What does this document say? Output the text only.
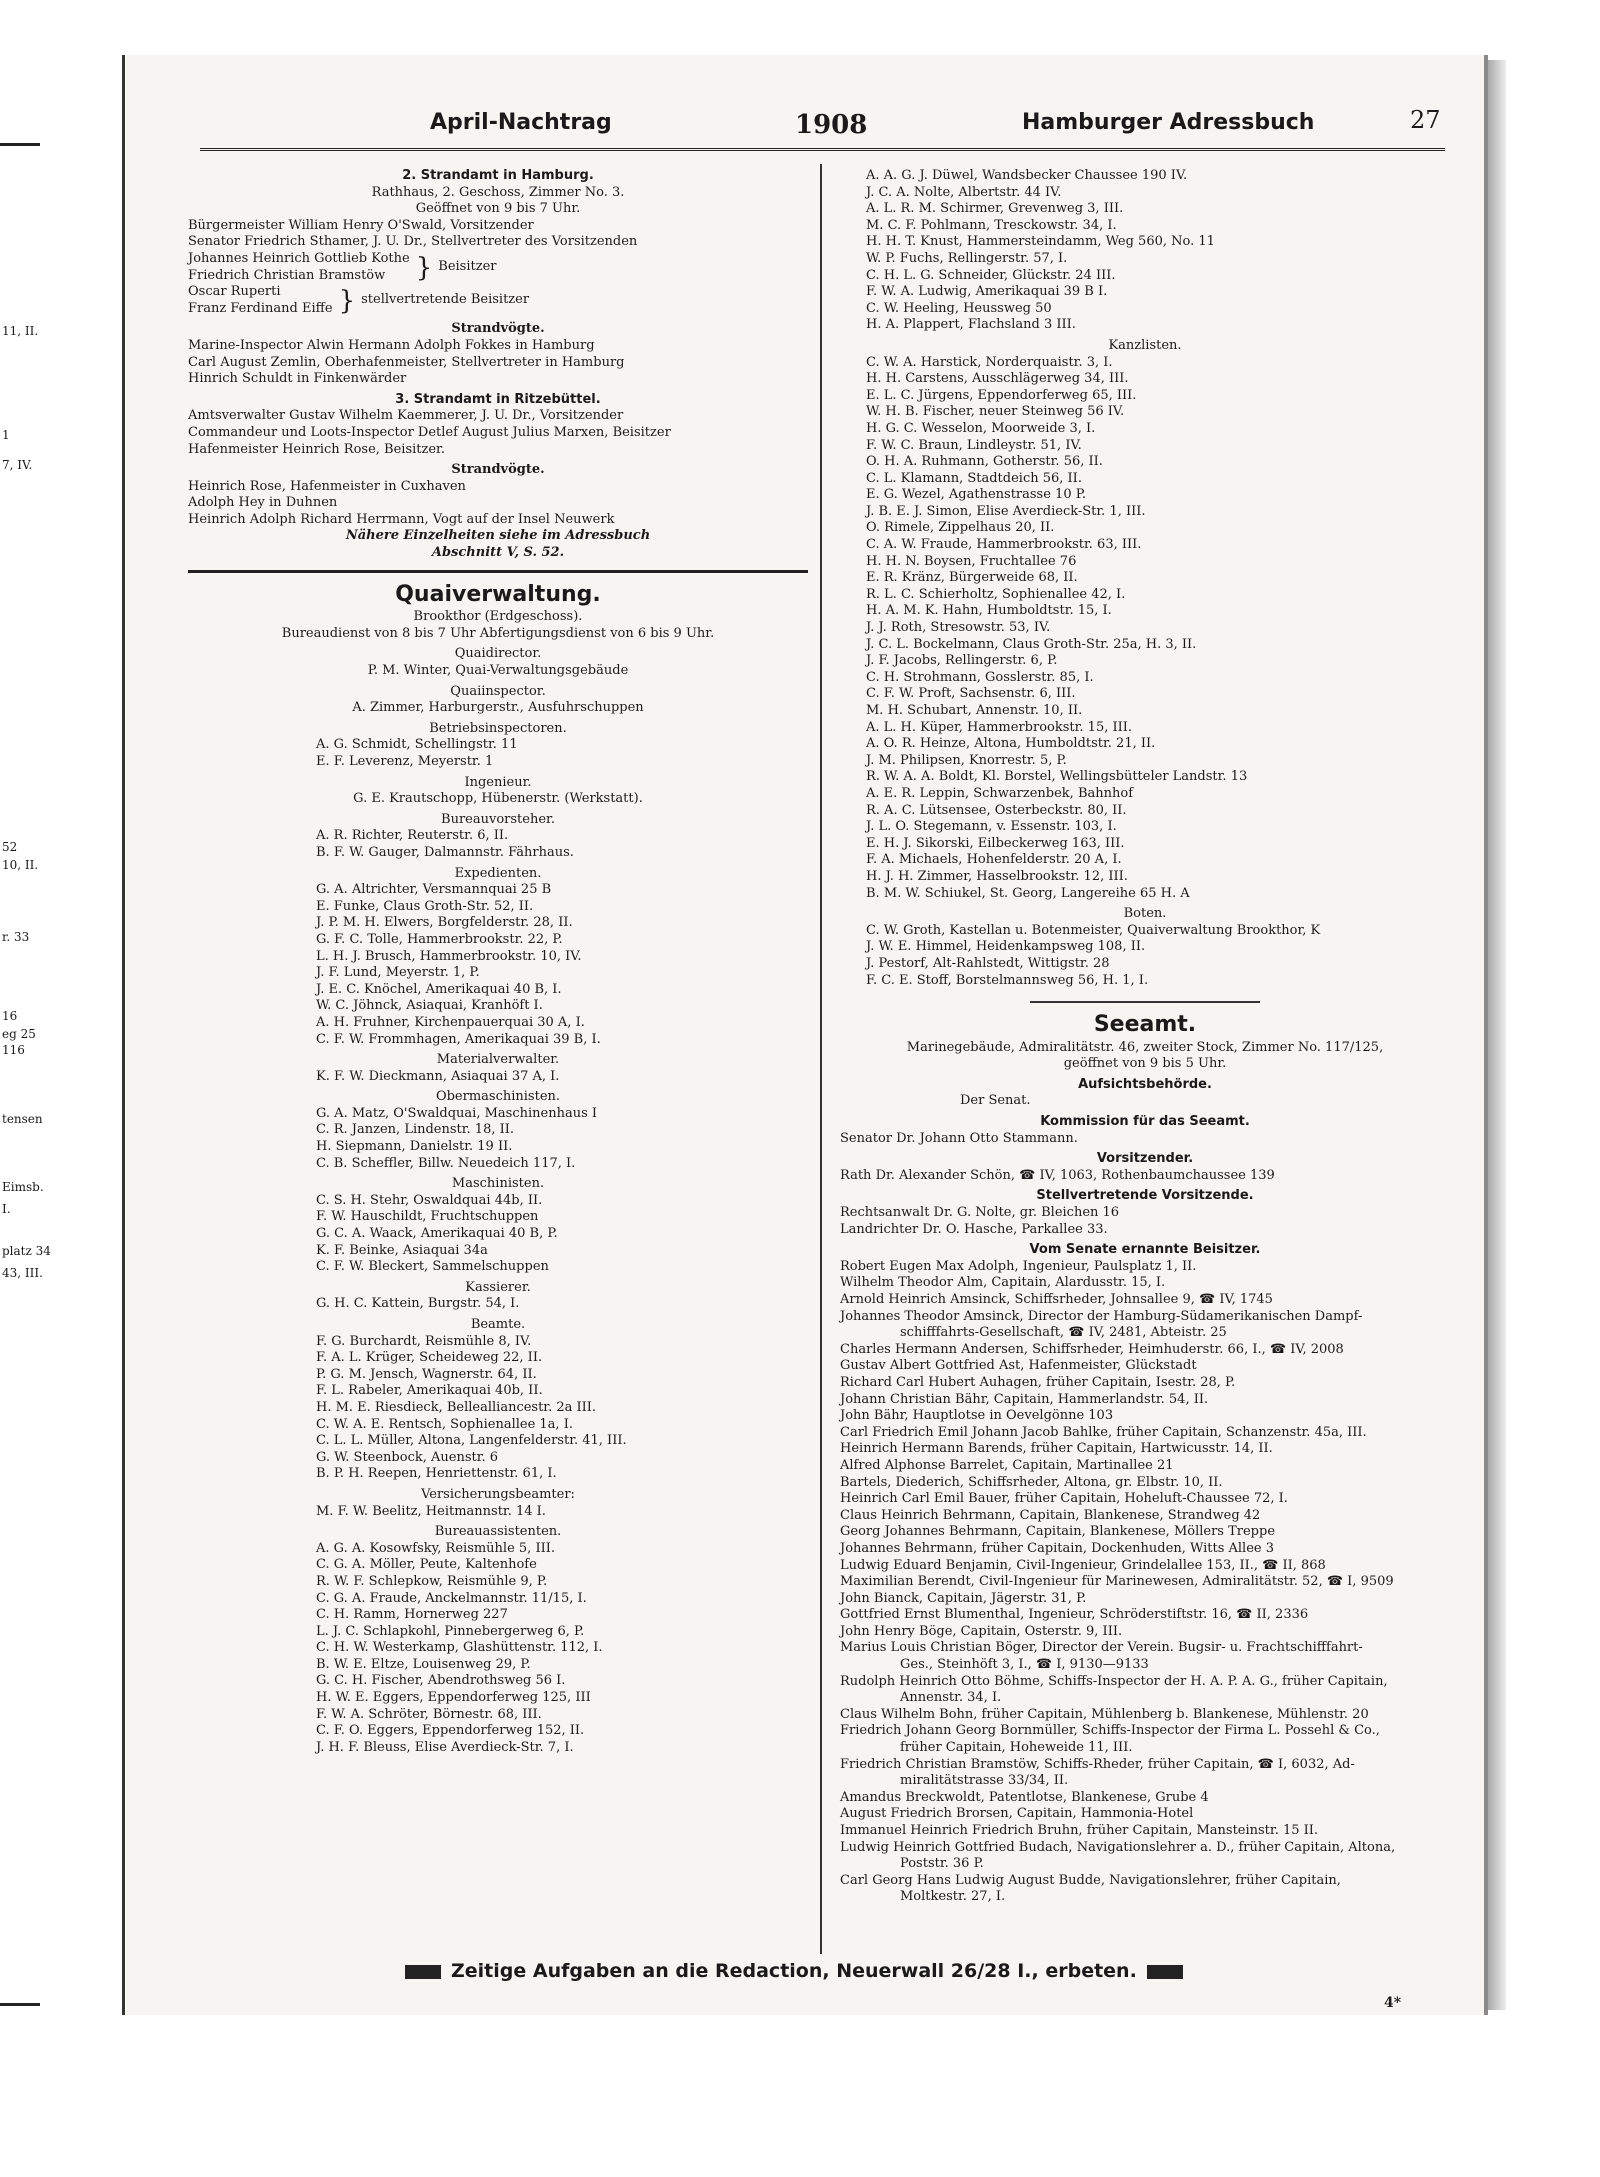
11, II.
1
7, IV.
52
10, II.
r. 33
16
eg 25
116
tensen
Eimsb.
I.
platz 34
43, III.
April-Nachtrag	1908	Hamburger Adressbuch	27
2. Strandamt in Hamburg.
Rathhaus, 2. Geschoss, Zimmer No. 3.
Geöffnet von 9 bis 7 Uhr.
Bürgermeister William Henry O'Swald, Vorsitzender
Senator Friedrich Sthamer, J. U. Dr., Stellvertreter des Vorsitzenden
Johannes Heinrich Gottlieb Kothe
Friedrich Christian Bramstöw	} Beisitzer
Oscar Ruperti
Franz Ferdinand Eiffe } stellvertretende Beisitzer
Strandvögte.
Marine-Inspector Alwin Hermann Adolph Fokkes in Hamburg
Carl August Zemlin, Oberhafenmeister, Stellvertreter in Hamburg
Hinrich Schuldt in Finkenwärder
3. Strandamt in Ritzebüttel.
Amtsverwalter Gustav Wilhelm Kaemmerer, J. U. Dr., Vorsitzender
Commandeur und Loots-Inspector Detlef August Julius Marxen, Beisitzer
Hafenmeister Heinrich Rose, Beisitzer.
Strandvögte.
Heinrich Rose, Hafenmeister in Cuxhaven
Adolph Hey in Duhnen
Heinrich Adolph Richard Herrmann, Vogt auf der Insel Neuwerk
Nähere Einzelheiten siehe im Adressbuch
Abschnitt V, S. 52.
Quaiverwaltung.
Brookthor (Erdgeschoss).
Bureaudienst von 8 bis 7 Uhr Abfertigungsdienst von 6 bis 9 Uhr.
Quaidirector.
P. M. Winter, Quai-Verwaltungsgebäude
Quaiinspector.
A. Zimmer, Harburgerstr., Ausfuhrschuppen
Betriebsinspectoren.
A. G. Schmidt, Schellingstr. 11
E. F. Leverenz, Meyerstr. 1
Ingenieur.
G. E. Krautschopp, Hübenerstr. (Werkstatt).
Bureauvorsteher.
A. R. Richter, Reuterstr. 6, II.
B. F. W. Gauger, Dalmannstr. Fährhaus.
Expedienten.
G. A. Altrichter, Versmannquai 25 B
E. Funke, Claus Groth-Str. 52, II.
J. P. M. H. Elwers, Borgfelderstr. 28, II.
G. F. C. Tolle, Hammerbrookstr. 22, P.
L. H. J. Brusch, Hammerbrookstr. 10, IV.
J. F. Lund, Meyerstr. 1, P.
J. E. C. Knöchel, Amerikaquai 40 B, I.
W. C. Jöhnck, Asiaquai, Kranhöft I.
A. H. Fruhner, Kirchenpauerquai 30 A, I.
C. F. W. Frommhagen, Amerikaquai 39 B, I.
Materialverwalter.
K. F. W. Dieckmann, Asiaquai 37 A, I.
Obermaschinisten.
G. A. Matz, O'Swaldquai, Maschinenhaus I
C. R. Janzen, Lindenstr. 18, II.
H. Siepmann, Danielstr. 19 II.
C. B. Scheffler, Billw. Neuedeich 117, I.
Maschinisten.
C. S. H. Stehr, Oswaldquai 44b, II.
F. W. Hauschildt, Fruchtschuppen
G. C. A. Waack, Amerikaquai 40 B, P.
K. F. Beinke, Asiaquai 34a
C. F. W. Bleckert, Sammelschuppen
Kassierer.
G. H. C. Kattein, Burgstr. 54, I.
Beamte.
F. G. Burchardt, Reismühle 8, IV.
F. A. L. Krüger, Scheideweg 22, II.
P. G. M. Jensch, Wagnerstr. 64, II.
F. L. Rabeler, Amerikaquai 40b, II.
H. M. E. Riesdieck, Bellealliancestr. 2a III.
C. W. A. E. Rentsch, Sophienallee 1a, I.
C. L. L. Müller, Altona, Langenfelderstr. 41, III.
G. W. Steenbock, Auenstr. 6
B. P. H. Reepen, Henriettenstr. 61, I.
Versicherungsbeamter:
M. F. W. Beelitz, Heitmannstr. 14 I.
Bureauassistenten.
A. G. A. Kosowfsky, Reismühle 5, III.
C. G. A. Möller, Peute, Kaltenhofe
R. W. F. Schlepkow, Reismühle 9, P.
C. G. A. Fraude, Anckelmannstr. 11/15, I.
C. H. Ramm, Hornerweg 227
L. J. C. Schlapkohl, Pinnebergerweg 6, P.
C. H. W. Westerkamp, Glashüttenstr. 112, I.
B. W. E. Eltze, Louisenweg 29, P.
G. C. H. Fischer, Abendrothsweg 56 I.
H. W. E. Eggers, Eppendorferweg 125, III
F. W. A. Schröter, Börnestr. 68, III.
C. F. O. Eggers, Eppendorferweg 152, II.
J. H. F. Bleuss, Elise Averdieck-Str. 7, I.
A. A. G. J. Düwel, Wandsbecker Chaussee 190 IV.
J. C. A. Nolte, Albertstr. 44 IV.
A. L. R. M. Schirmer, Grevenweg 3, III.
M. C. F. Pohlmann, Tresckowstr. 34, I.
H. H. T. Knust, Hammersteindamm, Weg 560, No. 11
W. P. Fuchs, Rellingerstr. 57, I.
C. H. L. G. Schneider, Glückstr. 24 III.
F. W. A. Ludwig, Amerikaquai 39 B I.
C. W. Heeling, Heussweg 50
H. A. Plappert, Flachsland 3 III.
Kanzlisten.
C. W. A. Harstick, Norderquaistr. 3, I.
H. H. Carstens, Ausschlägerweg 34, III.
E. L. C. Jürgens, Eppendorferweg 65, III.
W. H. B. Fischer, neuer Steinweg 56 IV.
H. G. C. Wesselon, Moorweide 3, I.
F. W. C. Braun, Lindleystr. 51, IV.
O. H. A. Ruhmann, Gotherstr. 56, II.
C. L. Klamann, Stadtdeich 56, II.
E. G. Wezel, Agathenstrasse 10 P.
J. B. E. J. Simon, Elise Averdieck-Str. 1, III.
O. Rimele, Zippelhaus 20, II.
C. A. W. Fraude, Hammerbrookstr. 63, III.
H. H. N. Boysen, Fruchtallee 76
E. R. Kränz, Bürgerweide 68, II.
R. L. C. Schierholtz, Sophienallee 42, I.
H. A. M. K. Hahn, Humboldtstr. 15, I.
J. J. Roth, Stresowstr. 53, IV.
J. C. L. Bockelmann, Claus Groth-Str. 25a, H. 3, II.
J. F. Jacobs, Rellingerstr. 6, P.
C. H. Strohmann, Gosslerstr. 85, I.
C. F. W. Proft, Sachsenstr. 6, III.
M. H. Schubart, Annenstr. 10, II.
A. L. H. Küper, Hammerbrookstr. 15, III.
A. O. R. Heinze, Altona, Humboldtstr. 21, II.
J. M. Philipsen, Knorrestr. 5, P.
R. W. A. A. Boldt, Kl. Borstel, Wellingsbütteler Landstr. 13
A. E. R. Leppin, Schwarzenbek, Bahnhof
R. A. C. Lütsensee, Osterbeckstr. 80, II.
J. L. O. Stegemann, v. Essenstr. 103, I.
E. H. J. Sikorski, Eilbeckerweg 163, III.
F. A. Michaels, Hohenfelderstr. 20 A, I.
H. J. H. Zimmer, Hasselbrookstr. 12, III.
B. M. W. Schiukel, St. Georg, Langereihe 65 H. A
Boten.
C. W. Groth, Kastellan u. Botenmeister, Quaiverwaltung Brookthor, K
J. W. E. Himmel, Heidenkampsweg 108, II.
J. Pestorf, Alt-Rahlstedt, Wittigstr. 28
F. C. E. Stoff, Borstelmannsweg 56, H. 1, I.
Seeamt.
Marinegebäude, Admiralitätstr. 46, zweiter Stock, Zimmer No. 117/125,
geöffnet von 9 bis 5 Uhr.
Aufsichtsbehörde.
Der Senat.
Kommission für das Seeamt.
Senator Dr. Johann Otto Stammann.
Vorsitzender.
Rath Dr. Alexander Schön, ☎ IV, 1063, Rothenbaumchaussee 139
Stellvertretende Vorsitzende.
Rechtsanwalt Dr. G. Nolte, gr. Bleichen 16
Landrichter Dr. O. Hasche, Parkallee 33.
Vom Senate ernannte Beisitzer.
Robert Eugen Max Adolph, Ingenieur, Paulsplatz 1, II.
Wilhelm Theodor Alm, Capitain, Alardusstr. 15, I.
Arnold Heinrich Amsinck, Schiffsrheder, Johnsallee 9, ☎ IV, 1745
Johannes Theodor Amsinck, Director der Hamburg-Südamerikanischen Dampf-
schifffahrts-Gesellschaft, ☎ IV, 2481, Abteistr. 25
Charles Hermann Andersen, Schiffsrheder, Heimhuderstr. 66, I., ☎ IV, 2008
Gustav Albert Gottfried Ast, Hafenmeister, Glückstadt
Richard Carl Hubert Auhagen, früher Capitain, Isestr. 28, P.
Johann Christian Bähr, Capitain, Hammerlandstr. 54, II.
John Bähr, Hauptlotse in Oevelgönne 103
Carl Friedrich Emil Johann Jacob Bahlke, früher Capitain, Schanzenstr. 45a, III.
Heinrich Hermann Barends, früher Capitain, Hartwicusstr. 14, II.
Alfred Alphonse Barrelet, Capitain, Martinallee 21
Bartels, Diederich, Schiffsrheder, Altona, gr. Elbstr. 10, II.
Heinrich Carl Emil Bauer, früher Capitain, Hoheluft-Chaussee 72, I.
Claus Heinrich Behrmann, Capitain, Blankenese, Strandweg 42
Georg Johannes Behrmann, Capitain, Blankenese, Möllers Treppe
Johannes Behrmann, früher Capitain, Dockenhuden, Witts Allee 3
Ludwig Eduard Benjamin, Civil-Ingenieur, Grindelallee 153, II., ☎ II, 868
Maximilian Berendt, Civil-Ingenieur für Marinewesen, Admiralitätstr. 52, ☎ I, 9509
John Bianck, Capitain, Jägerstr. 31, P.
Gottfried Ernst Blumenthal, Ingenieur, Schröderstiftstr. 16, ☎ II, 2336
John Henry Böge, Capitain, Osterstr. 9, III.
Marius Louis Christian Böger, Director der Verein. Bugsir- u. Frachtschifffahrt-
Ges., Steinhöft 3, I., ☎ I, 9130—9133
Rudolph Heinrich Otto Böhme, Schiffs-Inspector der H. A. P. A. G., früher Capitain,
Annenstr. 34, I.
Claus Wilhelm Bohn, früher Capitain, Mühlenberg b. Blankenese, Mühlenstr. 20
Friedrich Johann Georg Bornmüller, Schiffs-Inspector der Firma L. Possehl & Co.,
früher Capitain, Hoheweide 11, III.
Friedrich Christian Bramstöw, Schiffs-Rheder, früher Capitain, ☎ I, 6032, Ad-
miralitätstrasse 33/34, II.
Amandus Breckwoldt, Patentlotse, Blankenese, Grube 4
August Friedrich Brorsen, Capitain, Hammonia-Hotel
Immanuel Heinrich Friedrich Bruhn, früher Capitain, Mansteinstr. 15 II.
Ludwig Heinrich Gottfried Budach, Navigationslehrer a. D., früher Capitain, Altona,
Poststr. 36 P.
Carl Georg Hans Ludwig August Budde, Navigationslehrer, früher Capitain,
Moltkestr. 27, I.
Zeitige Aufgaben an die Redaction, Neuerwall 26/28 I., erbeten.
4*
